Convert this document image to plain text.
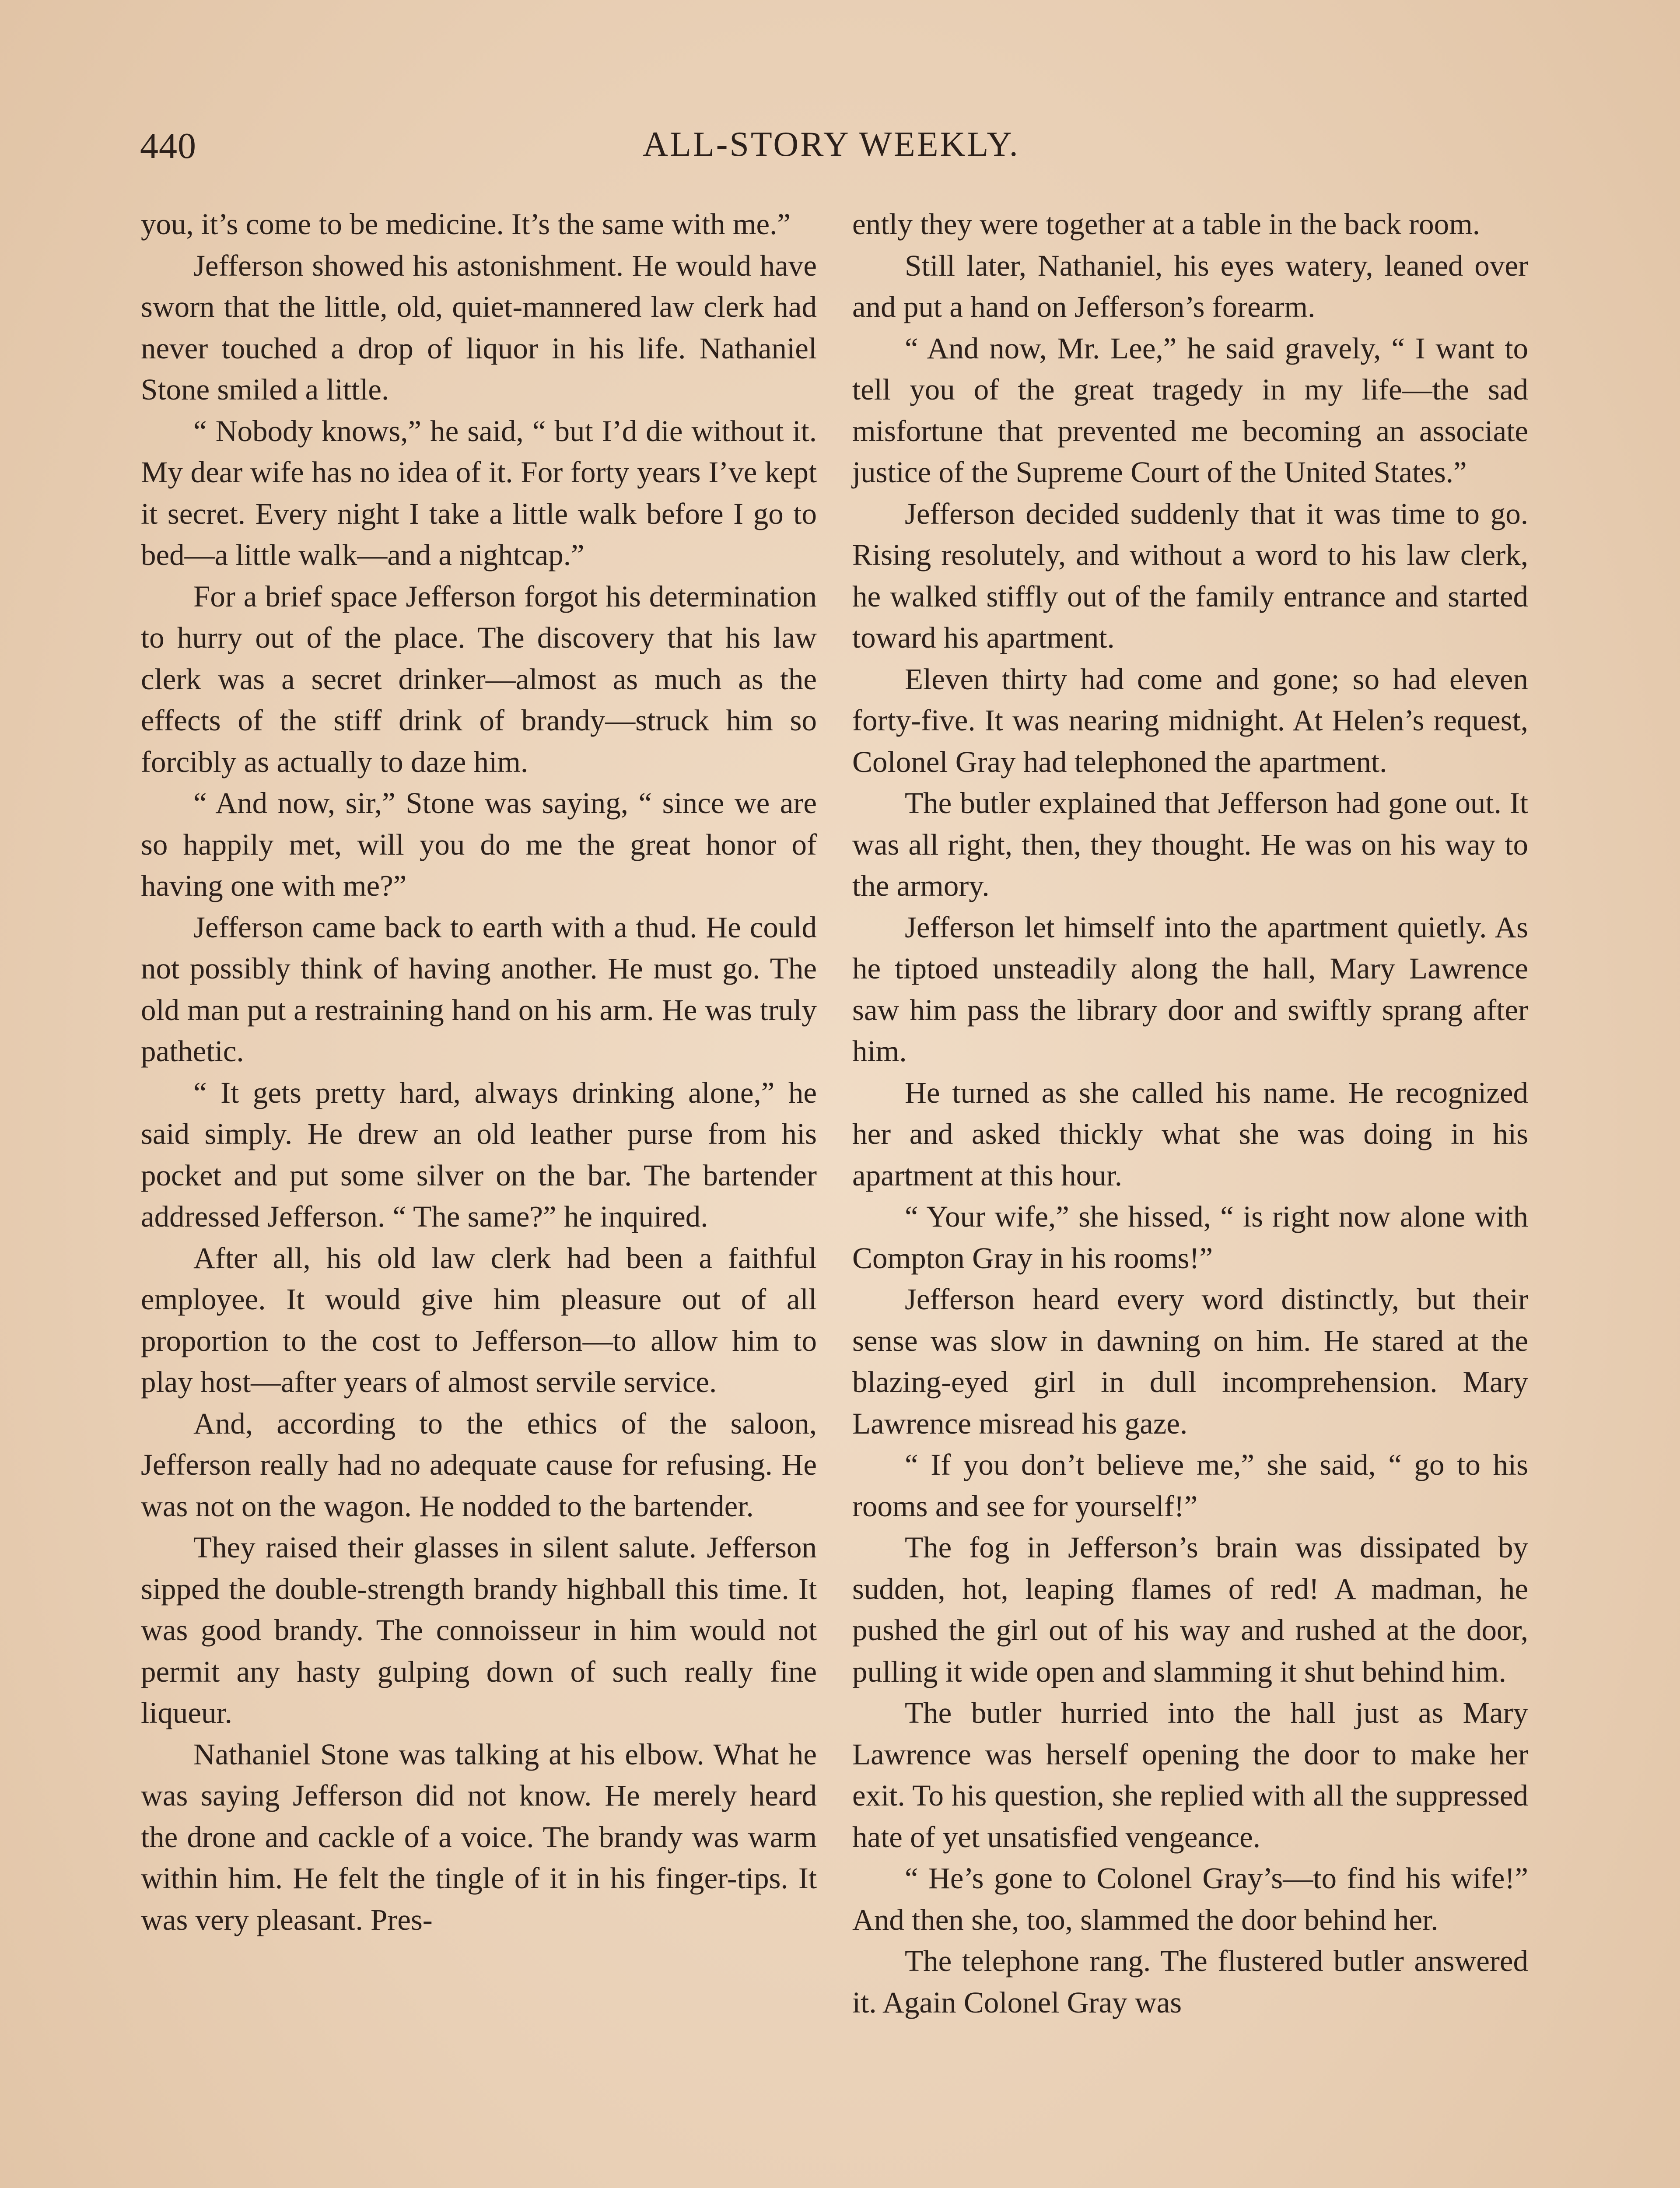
440	ALL-STORY WEEKLY.

you, it’s come to be medicine. It’s the same with me.”

Jefferson showed his astonishment. He would have sworn that the little, old, quiet-mannered law clerk had never touched a drop of liquor in his life. Nathaniel Stone smiled a little.

“ Nobody knows,” he said, “ but I’d die without it. My dear wife has no idea of it. For forty years I’ve kept it secret. Every night I take a little walk before I go to bed—a little walk—and a nightcap.”

For a brief space Jefferson forgot his determination to hurry out of the place. The discovery that his law clerk was a secret drinker—almost as much as the effects of the stiff drink of brandy—struck him so forcibly as actually to daze him.

“ And now, sir,” Stone was saying, “ since we are so happily met, will you do me the great honor of having one with me?”

Jefferson came back to earth with a thud. He could not possibly think of having another. He must go. The old man put a restraining hand on his arm. He was truly pathetic.

“ It gets pretty hard, always drinking alone,” he said simply. He drew an old leather purse from his pocket and put some silver on the bar. The bartender addressed Jefferson. “ The same?” he inquired.

After all, his old law clerk had been a faithful employee. It would give him pleasure out of all proportion to the cost to Jefferson—to allow him to play host—after years of almost servile service.

And, according to the ethics of the saloon, Jefferson really had no adequate cause for refusing. He was not on the wagon. He nodded to the bartender.

They raised their glasses in silent salute. Jefferson sipped the double-strength brandy highball this time. It was good brandy. The connoisseur in him would not permit any hasty gulping down of such really fine liqueur.

Nathaniel Stone was talking at his elbow. What he was saying Jefferson did not know. He merely heard the drone and cackle of a voice. The brandy was warm within him. He felt the tingle of it in his finger-tips. It was very pleasant. Pres-

ently they were together at a table in the back room.

Still later, Nathaniel, his eyes watery, leaned over and put a hand on Jefferson’s forearm.

“ And now, Mr. Lee,” he said gravely, “ I want to tell you of the great tragedy in my life—the sad misfortune that prevented me becoming an associate justice of the Supreme Court of the United States.”

Jefferson decided suddenly that it was time to go. Rising resolutely, and without a word to his law clerk, he walked stiffly out of the family entrance and started toward his apartment.

Eleven thirty had come and gone; so had eleven forty-five. It was nearing midnight. At Helen’s request, Colonel Gray had telephoned the apartment.

The butler explained that Jefferson had gone out. It was all right, then, they thought. He was on his way to the armory.

Jefferson let himself into the apartment quietly. As he tiptoed unsteadily along the hall, Mary Lawrence saw him pass the library door and swiftly sprang after him.

He turned as she called his name. He recognized her and asked thickly what she was doing in his apartment at this hour.

“ Your wife,” she hissed, “ is right now alone with Compton Gray in his rooms!”

Jefferson heard every word distinctly, but their sense was slow in dawning on him. He stared at the blazing-eyed girl in dull incomprehension. Mary Lawrence misread his gaze.

“ If you don’t believe me,” she said, “ go to his rooms and see for yourself!”

The fog in Jefferson’s brain was dissipated by sudden, hot, leaping flames of red! A madman, he pushed the girl out of his way and rushed at the door, pulling it wide open and slamming it shut behind him.

The butler hurried into the hall just as Mary Lawrence was herself opening the door to make her exit. To his question, she replied with all the suppressed hate of yet unsatisfied vengeance.

“ He’s gone to Colonel Gray’s—to find his wife!” And then she, too, slammed the door behind her.

The telephone rang. The flustered butler answered it. Again Colonel Gray was
